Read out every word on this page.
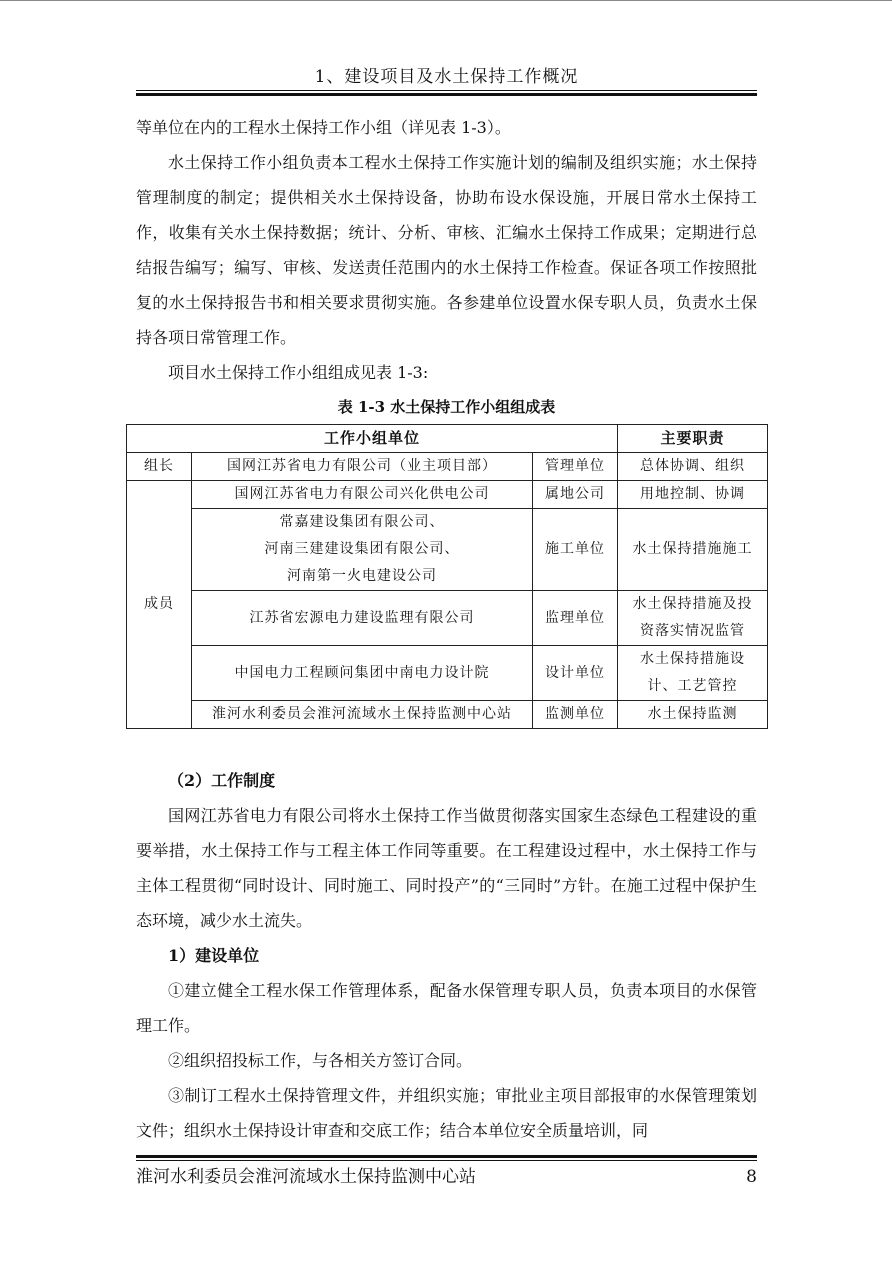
1、建设项目及水土保持工作概况

等单位在内的工程水土保持工作小组（详见表 1-3）。

水土保持工作小组负责本工程水土保持工作实施计划的编制及组织实施；水土保持管理制度的制定；提供相关水土保持设备，协助布设水保设施，开展日常水土保持工作，收集有关水土保持数据；统计、分析、审核、汇编水土保持工作成果；定期进行总结报告编写；编写、审核、发送责任范围内的水土保持工作检查。保证各项工作按照批复的水土保持报告书和相关要求贯彻实施。各参建单位设置水保专职人员，负责水土保持各项日常管理工作。

项目水土保持工作小组组成见表 1-3:

表 1-3 水土保持工作小组组成表
工作小组单位			主要职责
组长	国网江苏省电力有限公司（业主项目部）	管理单位	总体协调、组织
成员	国网江苏省电力有限公司兴化供电公司	属地公司	用地控制、协调

	常嘉建设集团有限公司、
河南三建建设集团有限公司、
河南第一火电建设公司	施工单位	水土保持措施施工
	江苏省宏源电力建设监理有限公司	监理单位	水土保持措施及投
资落实情况监管

	中国电力工程顾问集团中南电力设计院	设计单位	水土保持措施设
计、工艺管控

	淮河水利委员会淮河流域水土保持监测中心站	监测单位	水土保持监测

（2）工作制度

国网江苏省电力有限公司将水土保持工作当做贯彻落实国家生态绿色工程建设的重要举措，水土保持工作与工程主体工作同等重要。在工程建设过程中，水土保持工作与主体工程贯彻“同时设计、同时施工、同时投产”的“三同时”方针。在施工过程中保护生态环境，减少水土流失。

1）建设单位

①建立健全工程水保工作管理体系，配备水保管理专职人员，负责本项目的水保管理工作。

②组织招投标工作，与各相关方签订合同。

③制订工程水土保持管理文件，并组织实施；审批业主项目部报审的水保管理策划文件；组织水土保持设计审查和交底工作；结合本单位安全质量培训，同

淮河水利委员会淮河流域水土保持监测中心站	8
